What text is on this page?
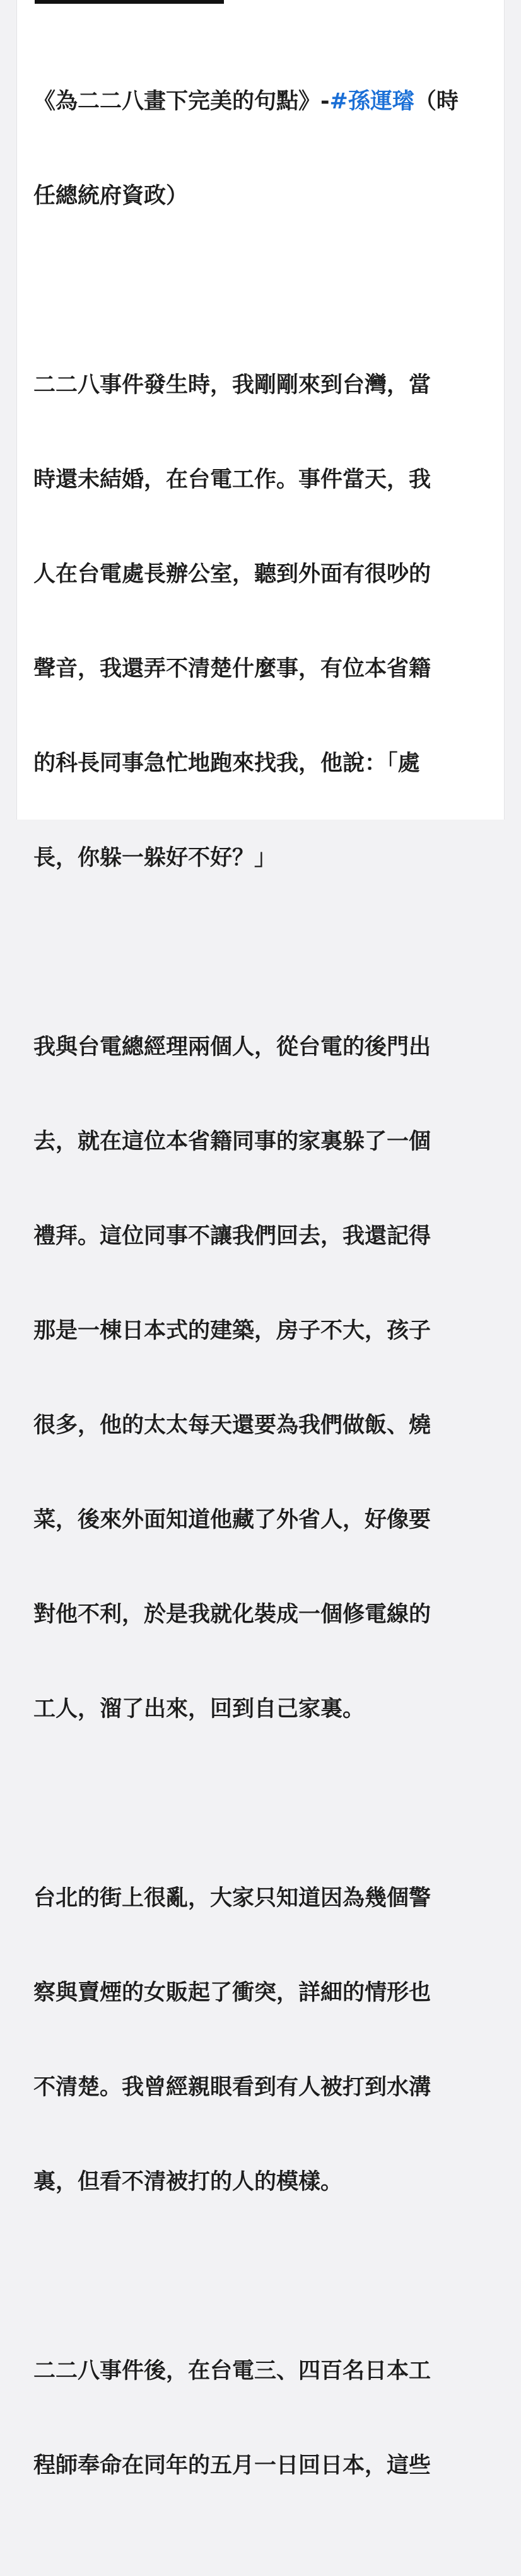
《為二二八畫下完美的句點》-#孫運璿（時

任總統府資政）

二二八事件發生時，我剛剛來到台灣，當

時還未結婚，在台電工作。事件當天，我

人在台電處長辦公室，聽到外面有很吵的

聲音，我還弄不清楚什麼事，有位本省籍

的科長同事急忙地跑來找我，他說：「處

長，你躲一躲好不好？」

我與台電總經理兩個人，從台電的後門出

去，就在這位本省籍同事的家裏躲了一個

禮拜。這位同事不讓我們回去，我還記得

那是一棟日本式的建築，房子不大，孩子

很多，他的太太每天還要為我們做飯、燒

菜，後來外面知道他藏了外省人，好像要

對他不利，於是我就化裝成一個修電線的

工人，溜了出來，回到自己家裏。

台北的街上很亂，大家只知道因為幾個警

察與賣煙的女販起了衝突，詳細的情形也

不清楚。我曾經親眼看到有人被打到水溝

裏，但看不清被打的人的模樣。

二二八事件後，在台電三、四百名日本工

程師奉命在同年的五月一日回日本，這些
